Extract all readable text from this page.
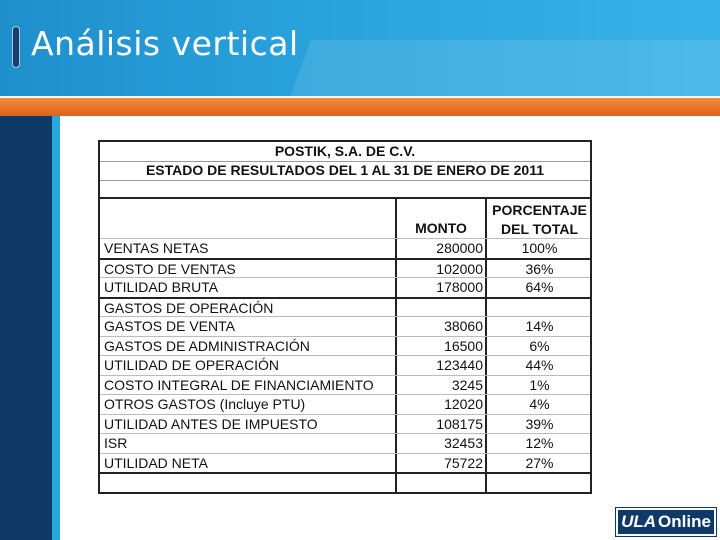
Análisis vertical
POSTIK, S.A. DE C.V.
ESTADO DE RESULTADOS DEL 1 AL 31 DE ENERO DE 2011
MONTO
PORCENTAJE
DEL TOTAL
VENTAS NETAS	280000	100%
COSTO DE VENTAS	102000	36%
UTILIDAD BRUTA	178000	64%
GASTOS DE OPERACIÓN
GASTOS DE VENTA	38060	14%
GASTOS DE ADMINISTRACIÓN	16500	6%
UTILIDAD DE OPERACIÓN	123440	44%
COSTO INTEGRAL DE FINANCIAMIENTO	3245	1%
OTROS GASTOS (Incluye PTU)	12020	4%
UTILIDAD ANTES DE IMPUESTO	108175	39%
ISR	32453	12%
UTILIDAD NETA	75722	27%
ULA Online
